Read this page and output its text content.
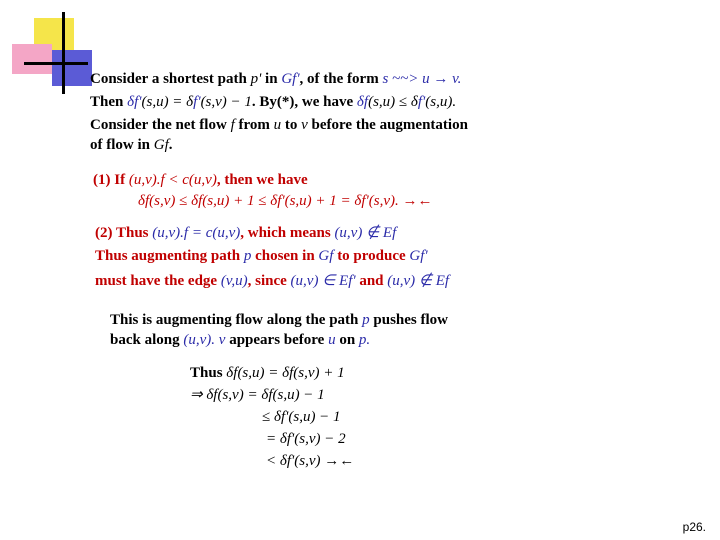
Consider a shortest path p' in Gf', of the form s ~~> u → v.
Then δf'(s,u) = δf'(s,v) − 1. By(*), we have δf(s,u) ≤ δf'(s,u).
Consider the net flow f from u to v before the augmentation
of flow in Gf.
(1) If (u,v).f < c(u,v), then we have
δf(s,v) ≤ δf(s,u) + 1 ≤ δf'(s,u) + 1 = δf'(s,v). →←
(2) Thus (u,v).f = c(u,v), which means (u,v) ∉ Ef
Thus augmenting path p chosen in Gf to produce Gf'
must have the edge (v,u), since (u,v) ∈ Ef' and (u,v) ∉ Ef
This is augmenting flow along the path p pushes flow
back along (u,v). v appears before u on p.
Thus δf(s,u) = δf(s,v) + 1
⇒ δf(s,v) = δf(s,u) − 1
≤ δf'(s,u) − 1
= δf'(s,v) − 2
< δf'(s,v) →←
p26.
